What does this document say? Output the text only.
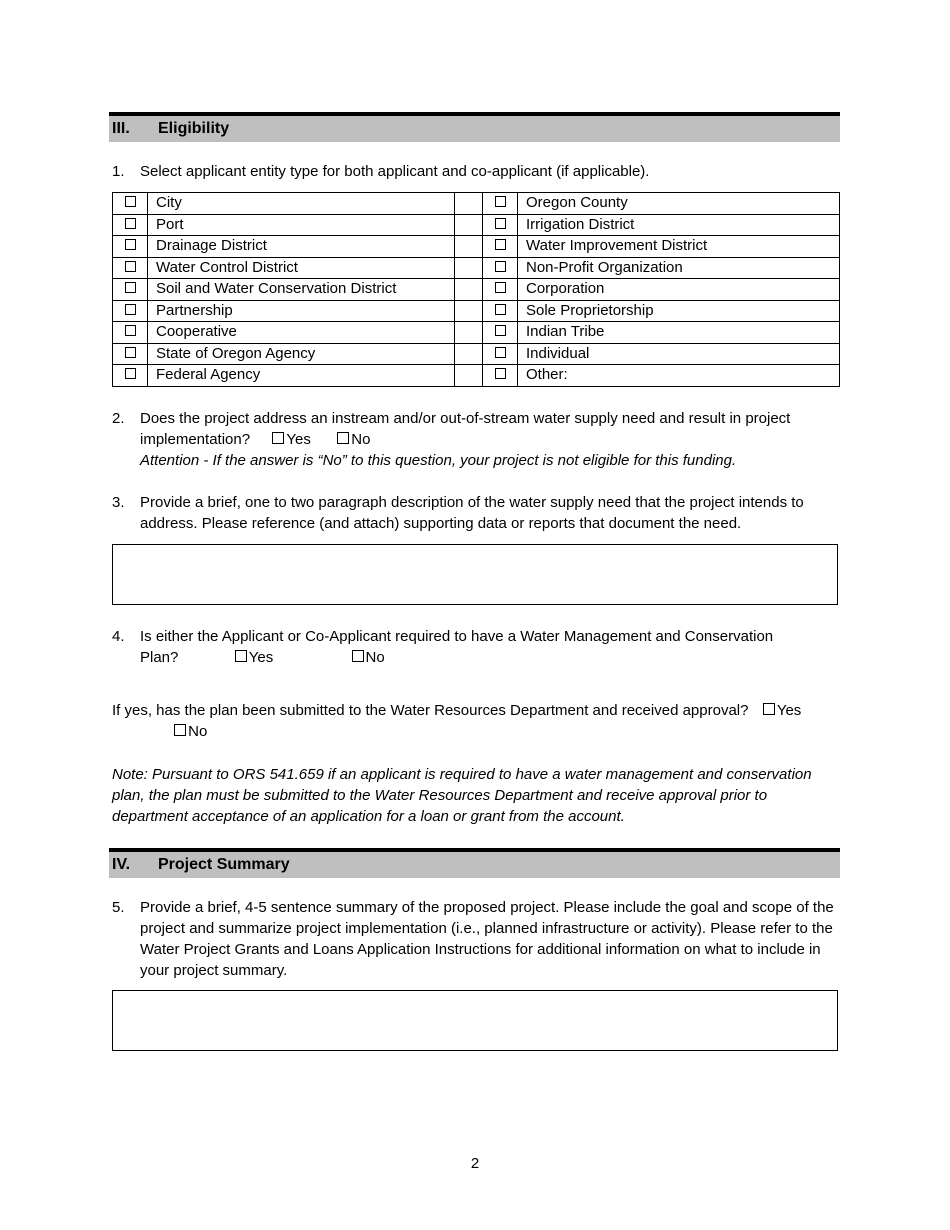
III. Eligibility
1. Select applicant entity type for both applicant and co-applicant (if applicable).
	City			Oregon County
	Port			Irrigation District
	Drainage District			Water Improvement District
	Water Control District			Non-Profit Organization
	Soil and Water Conservation District			Corporation
	Partnership			Sole Proprietorship
	Cooperative			Indian Tribe
	State of Oregon Agency			Individual
	Federal Agency			Other:
2. Does the project address an instream and/or out-of-stream water supply need and result in project
implementation? Yes	No
Attention - If the answer is “No” to this question, your project is not eligible for this funding.
3. Provide a brief, one to two paragraph description of the water supply need that the project intends to address. Please reference (and attach) supporting data or reports that document the need.
4. Is either the Applicant or Co-Applicant required to have a Water Management and Conservation
Plan?	Yes	No
If yes, has the plan been submitted to the Water Resources Department and received approval? Yes
No
Note: Pursuant to ORS 541.659 if an applicant is required to have a water management and conservation plan, the plan must be submitted to the Water Resources Department and receive approval prior to department acceptance of an application for a loan or grant from the account.
IV. Project Summary
5. Provide a brief, 4-5 sentence summary of the proposed project. Please include the goal and scope of the project and summarize project implementation (i.e., planned infrastructure or activity). Please refer to the Water Project Grants and Loans Application Instructions for additional information on what to include in your project summary.
2
